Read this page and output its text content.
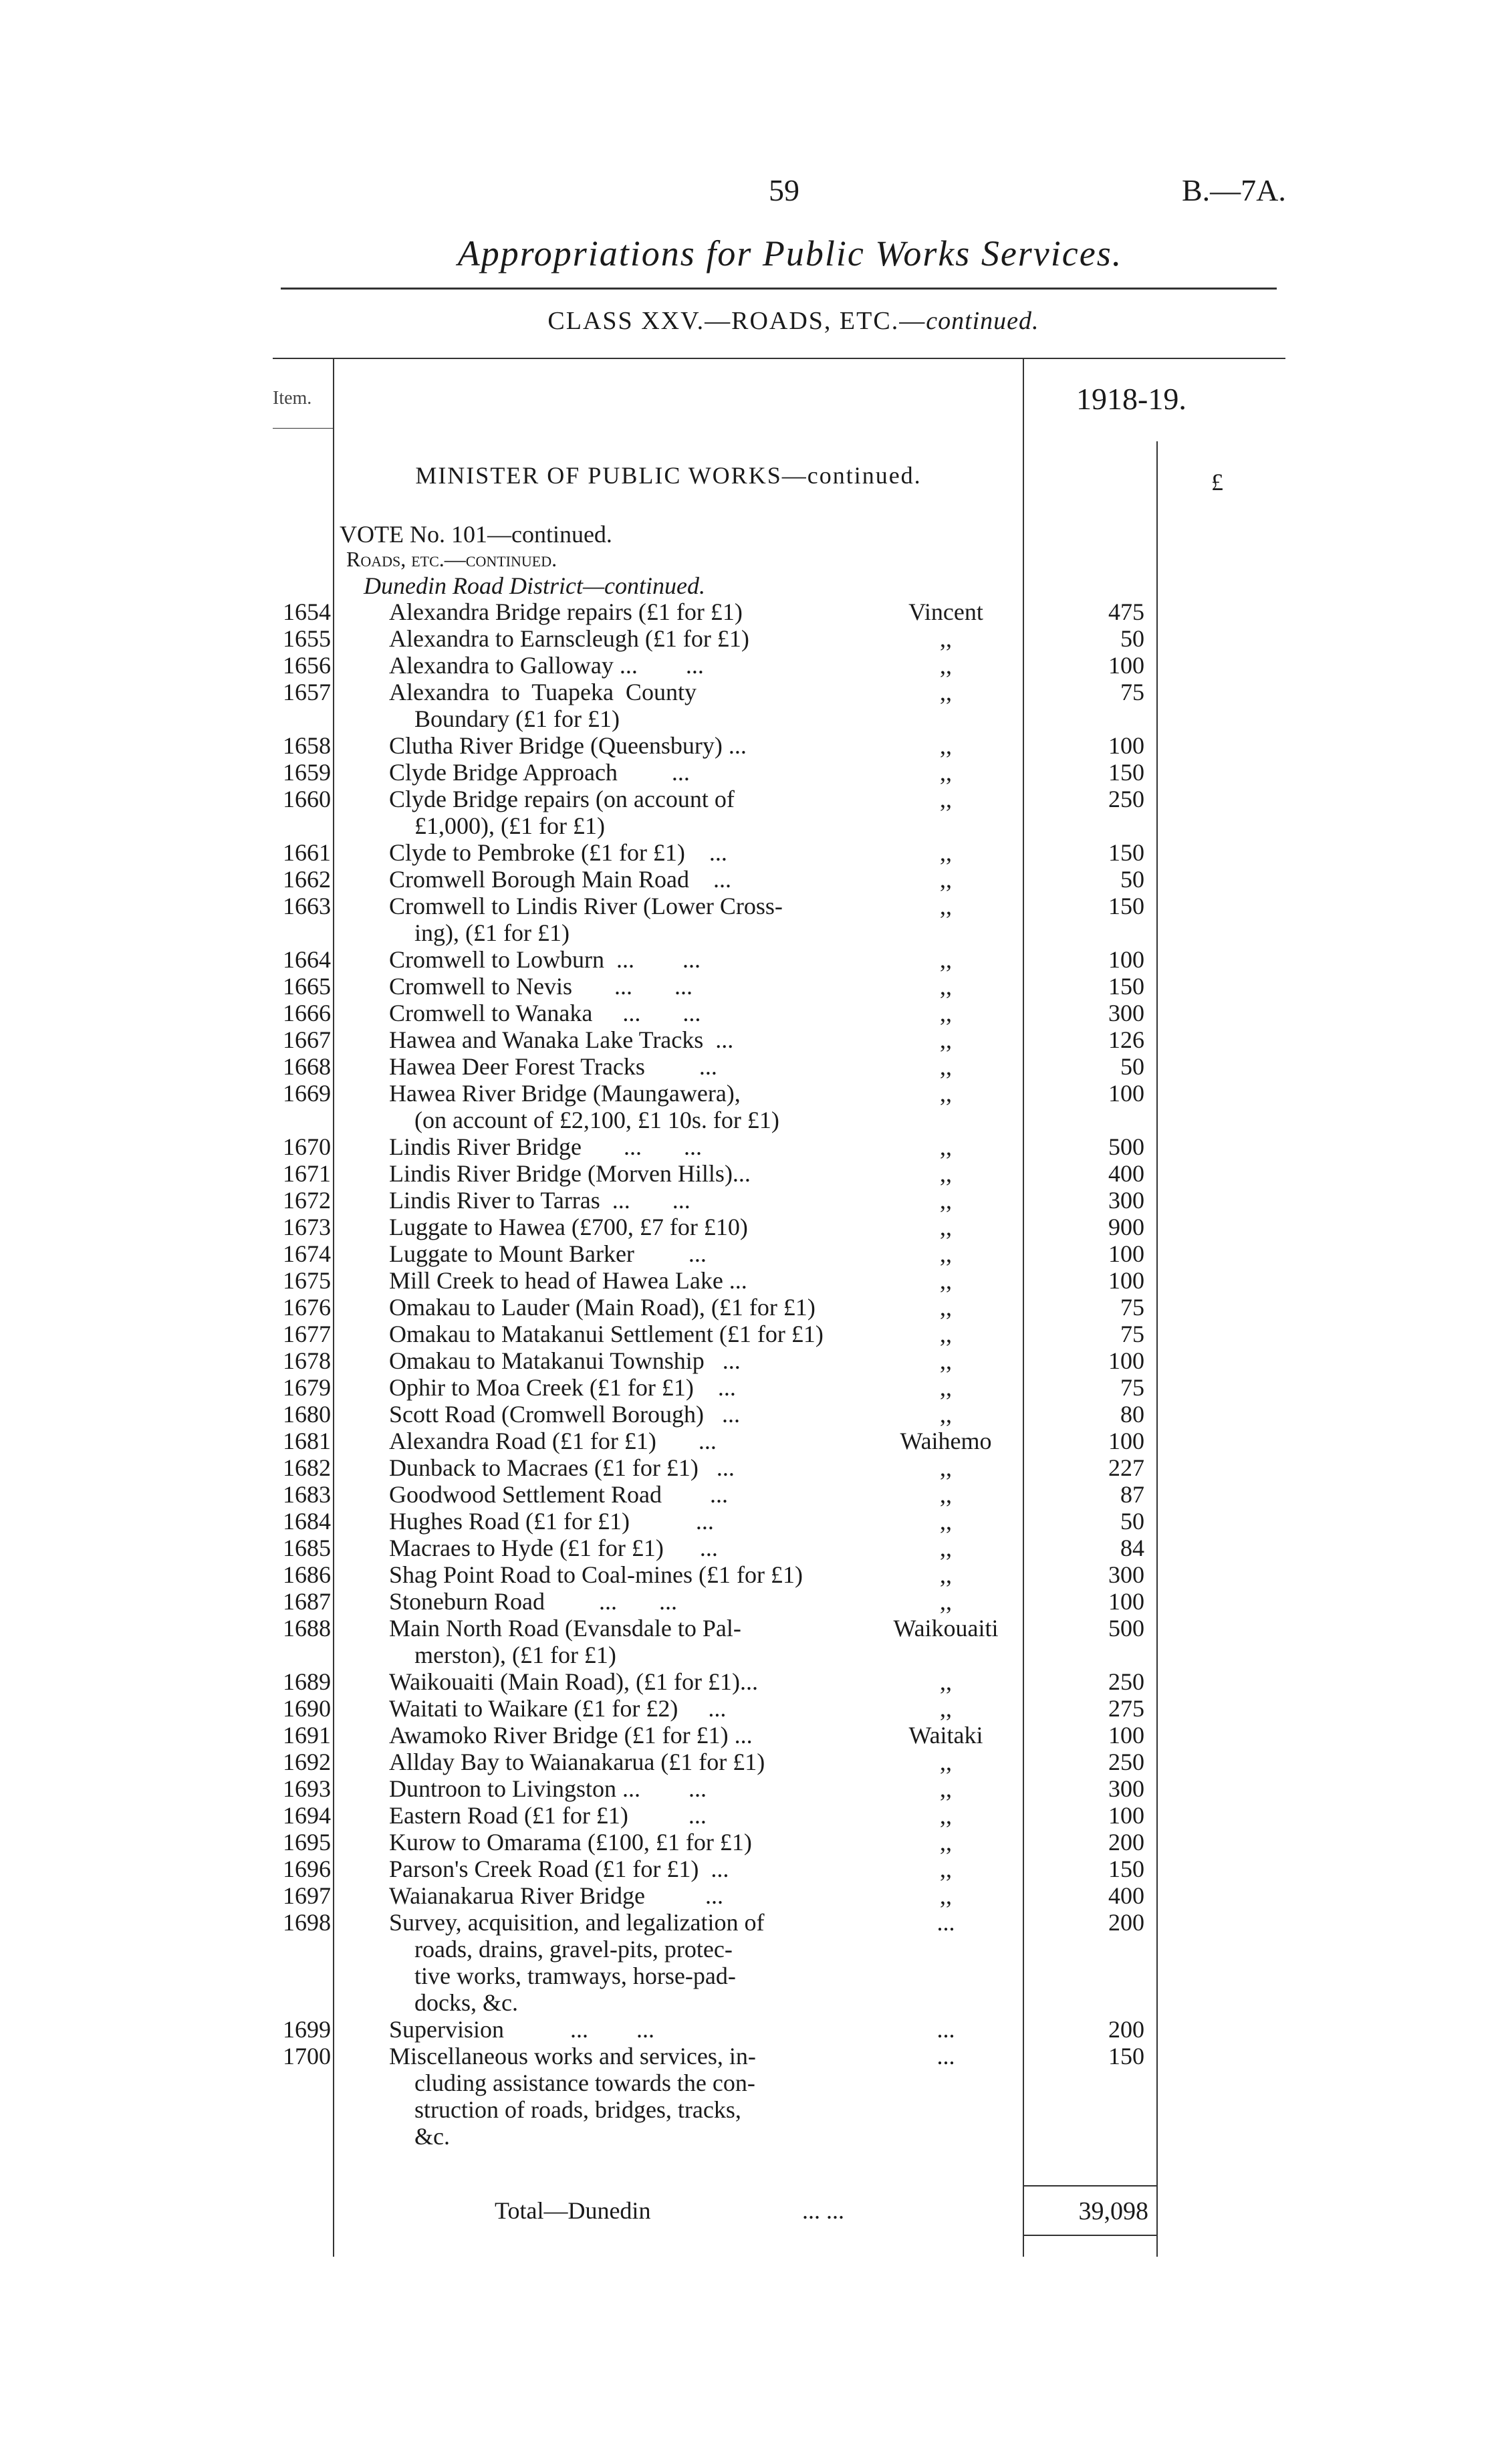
59	B.—7A.
Appropriations for Public Works Services.
CLASS XXV.—ROADS, ETC.—continued.
Item.	1918-19.
£
MINISTER OF PUBLIC WORKS—continued.
VOTE No. 101—continued.
Roads, etc.—continued.
Dunedin Road District—continued.
1654 Alexandra Bridge repairs (£1 for £1)	Vincent	475
1655 Alexandra to Earnscleugh (£1 for £1)	,,	50
1656 Alexandra to Galloway ...        ...	,,	100
1657 Alexandra  to  Tuapeka  County
Boundary (£1 for £1)
,,	75
1658 Clutha River Bridge (Queensbury) ...	,,	100
1659 Clyde Bridge Approach         ...	,,	150
1660 Clyde Bridge repairs (on account of
£1,000), (£1 for £1)
,,	250
1661 Clyde to Pembroke (£1 for £1)    ...	,,	150
1662 Cromwell Borough Main Road    ...	,,	50
1663 Cromwell to Lindis River (Lower Cross-
ing), (£1 for £1)
,,	150
1664 Cromwell to Lowburn  ...        ...	,,	100
1665 Cromwell to Nevis       ...       ...	,,	150
1666 Cromwell to Wanaka     ...       ...	,,	300
1667 Hawea and Wanaka Lake Tracks  ...	,,	126
1668 Hawea Deer Forest Tracks         ...	,,	50
1669 Hawea River Bridge (Maungawera),
(on account of £2,100, £1 10s. for £1)
,,	100
1670 Lindis River Bridge       ...       ...	,,	500
1671 Lindis River Bridge (Morven Hills)...	,,	400
1672 Lindis River to Tarras  ...       ...	,,	300
1673 Luggate to Hawea (£700, £7 for £10)	,,	900
1674 Luggate to Mount Barker         ...	,,	100
1675 Mill Creek to head of Hawea Lake ...	,,	100
1676 Omakau to Lauder (Main Road), (£1 for £1)	,,	75
1677 Omakau to Matakanui Settlement (£1 for £1)	,,	75
1678 Omakau to Matakanui Township   ...	,,	100
1679 Ophir to Moa Creek (£1 for £1)    ...	,,	75
1680 Scott Road (Cromwell Borough)   ...	,,	80
1681 Alexandra Road (£1 for £1)       ...	Waihemo	100
1682 Dunback to Macraes (£1 for £1)   ...	,,	227
1683 Goodwood Settlement Road        ...	,,	87
1684 Hughes Road (£1 for £1)           ...	,,	50
1685 Macraes to Hyde (£1 for £1)      ...	,,	84
1686 Shag Point Road to Coal-mines (£1 for £1)	,,	300
1687 Stoneburn Road         ...       ...	,,	100
1688 Main North Road (Evansdale to Pal-
merston), (£1 for £1)
Waikouaiti	500
1689 Waikouaiti (Main Road), (£1 for £1)...	,,	250
1690 Waitati to Waikare (£1 for £2)     ...	,,	275
1691 Awamoko River Bridge (£1 for £1) ...	Waitaki	100
1692 Allday Bay to Waianakarua (£1 for £1)	,,	250
1693 Duntroon to Livingston ...        ...	,,	300
1694 Eastern Road (£1 for £1)          ...	,,	100
1695 Kurow to Omarama (£100, £1 for £1)	,,	200
1696 Parson's Creek Road (£1 for £1)  ...	,,	150
1697 Waianakarua River Bridge          ...	,,	400
1698 Survey, acquisition, and legalization of
roads, drains, gravel-pits, protec-
tive works, tramways, horse-pad-
docks, &c.
...	200
1699 Supervision           ...        ...	...	200
1700 Miscellaneous works and services, in-
cluding assistance towards the con-
struction of roads, bridges, tracks,
&c.
...	150
Total—Dunedin	... ...	39,098
